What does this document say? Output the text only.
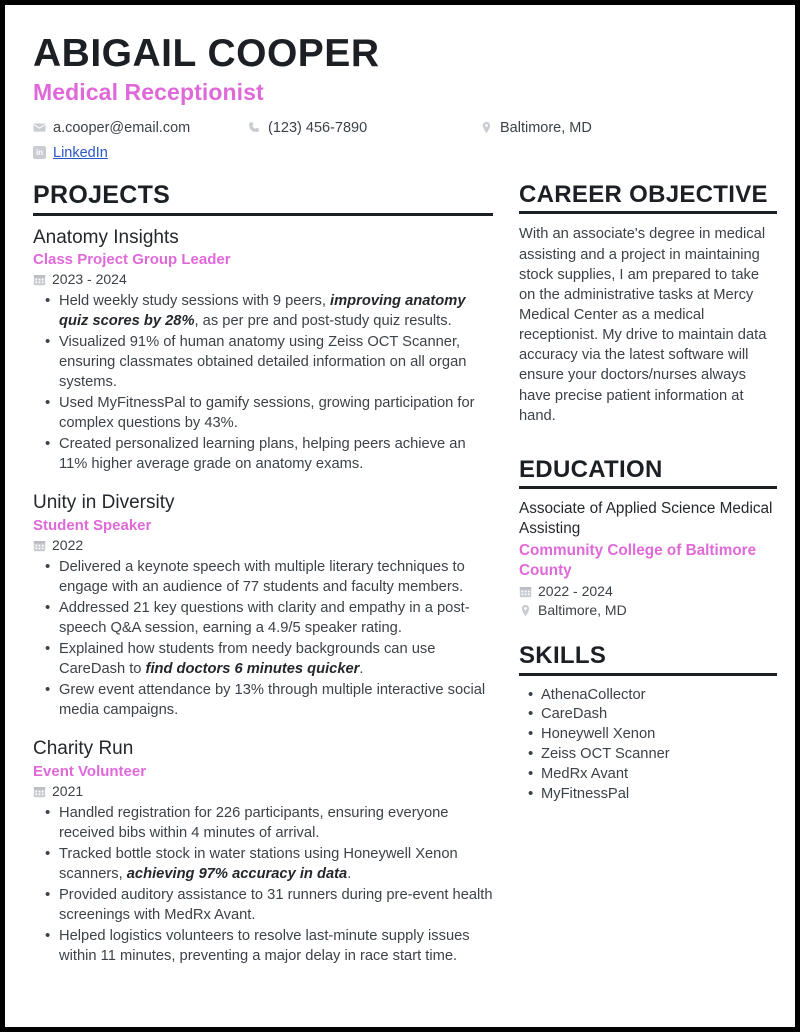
ABIGAIL COOPER
Medical Receptionist
a.cooper@email.com	(123) 456-7890	Baltimore, MD
in LinkedIn
PROJECTS
Anatomy Insights
Class Project Group Leader
2023 - 2024
• Held weekly study sessions with 9 peers, improving anatomy quiz scores by 28%, as per pre and post-study quiz results.
• Visualized 91% of human anatomy using Zeiss OCT Scanner, ensuring classmates obtained detailed information on all organ systems.
• Used MyFitnessPal to gamify sessions, growing participation for complex questions by 43%.
• Created personalized learning plans, helping peers achieve an 11% higher average grade on anatomy exams.
Unity in Diversity
Student Speaker
2022
• Delivered a keynote speech with multiple literary techniques to engage with an audience of 77 students and faculty members.
• Addressed 21 key questions with clarity and empathy in a post-speech Q&A session, earning a 4.9/5 speaker rating.
• Explained how students from needy backgrounds can use CareDash to find doctors 6 minutes quicker.
• Grew event attendance by 13% through multiple interactive social media campaigns.
Charity Run
Event Volunteer
2021
• Handled registration for 226 participants, ensuring everyone received bibs within 4 minutes of arrival.
• Tracked bottle stock in water stations using Honeywell Xenon scanners, achieving 97% accuracy in data.
• Provided auditory assistance to 31 runners during pre-event health screenings with MedRx Avant.
• Helped logistics volunteers to resolve last-minute supply issues within 11 minutes, preventing a major delay in race start time.
CAREER OBJECTIVE
With an associate's degree in medical assisting and a project in maintaining stock supplies, I am prepared to take on the administrative tasks at Mercy Medical Center as a medical receptionist. My drive to maintain data accuracy via the latest software will ensure your doctors/nurses always have precise patient information at hand.
EDUCATION
Associate of Applied Science Medical Assisting
Community College of Baltimore County
2022 - 2024
Baltimore, MD
SKILLS
• AthenaCollector
• CareDash
• Honeywell Xenon
• Zeiss OCT Scanner
• MedRx Avant
• MyFitnessPal
